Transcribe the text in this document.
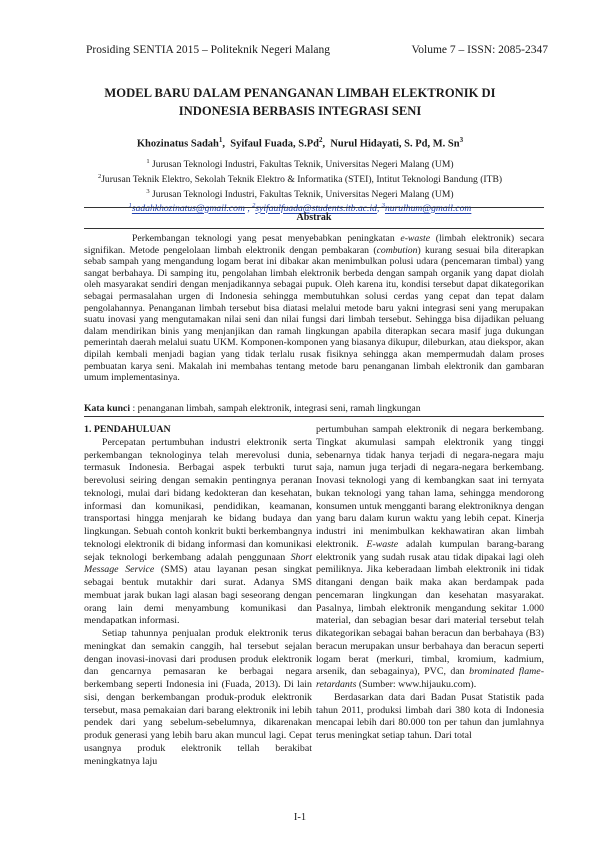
Prosiding SENTIA 2015 – Politeknik Negeri Malang	Volume 7 – ISSN: 2085-2347
MODEL BARU DALAM PENANGANAN LIMBAH ELEKTRONIK DI
INDONESIA BERBASIS INTEGRASI SENI
Khozinatus Sadah$^1$,  Syifaul Fuada, S.Pd$^2$,  Nurul Hidayati, S. Pd, M. Sn$^3$
$^1$ Jurusan Teknologi Industri, Fakultas Teknik, Universitas Negeri Malang (UM)
$^2$Jurusan Teknik Elektro, Sekolah Teknik Elektro & Informatika (STEI), Intitut Teknologi Bandung (ITB)
$^3$ Jurusan Teknologi Industri, Fakultas Teknik, Universitas Negeri Malang (UM)
$^1$sadahkhozinatus@gmail.com , $^2$syifaulfuada@students.itb.ac.id, $^3$nurulhum@gmail.com
Abstrak
Perkembangan teknologi yang pesat menyebabkan peningkatan e-waste (limbah elektronik) secara signifikan. Metode pengelolaan limbah elektronik dengan pembakaran (combution) kurang sesuai bila diterapkan sebab sampah yang mengandung logam berat ini dibakar akan menimbulkan polusi udara (pencemaran timbal) yang sangat berbahaya. Di samping itu, pengolahan limbah elektronik berbeda dengan sampah organik yang dapat diolah oleh masyarakat sendiri dengan menjadikannya sebagai pupuk. Oleh karena itu, kondisi tersebut dapat dikategorikan sebagai permasalahan urgen di Indonesia sehingga membutuhkan solusi cerdas yang cepat dan tepat dalam pengolahannya. Penanganan limbah tersebut bisa diatasi melalui metode baru yakni integrasi seni yang merupakan suatu inovasi yang mengutamakan nilai seni dan nilai fungsi dari limbah tersebut. Sehingga bisa dijadikan peluang dalam mendirikan binis yang menjanjikan dan ramah lingkungan apabila diterapkan secara masif juga dukungan pemerintah daerah melalui suatu UKM. Komponen-komponen yang biasanya dikupur, dileburkan, atau diekspor, akan dipilah kembali menjadi bagian yang tidak terlalu rusak fisiknya sehingga akan mempermudah dalam proses pembuatan karya seni. Makalah ini membahas tentang metode baru penanganan limbah elektronik dan gambaran umum implementasinya.
Kata kunci : penanganan limbah, sampah elektronik, integrasi seni, ramah lingkungan

1. PENDAHULUAN

Percepatan pertumbuhan industri elektronik serta perkembangan teknologinya telah merevolusi dunia, termasuk Indonesia. Berbagai aspek terbukti turut berevolusi seiring dengan semakin pentingnya peranan teknologi, mulai dari bidang kedokteran dan kesehatan, informasi dan komunikasi, pendidikan, keamanan, transportasi hingga menjarah ke bidang budaya dan lingkungan. Sebuah contoh konkrit bukti berkembangnya teknologi elektronik di bidang informasi dan komunikasi sejak teknologi berkembang adalah penggunaan Short Message Service (SMS) atau layanan pesan singkat sebagai bentuk mutakhir dari surat. Adanya SMS membuat jarak bukan lagi alasan bagi seseorang dengan orang lain demi menyambung komunikasi dan mendapatkan informasi.

Setiap tahunnya penjualan produk elektronik terus meningkat dan semakin canggih, hal tersebut sejalan dengan inovasi-inovasi dari produsen produk elektronik dan gencarnya pemasaran ke berbagai negara berkembang seperti Indonesia ini (Fuada, 2013). Di lain sisi, dengan berkembangan produk-produk elektronik tersebut, masa pemakaian dari barang elektronik ini lebih pendek dari yang sebelum-sebelumnya, dikarenakan produk generasi yang lebih baru akan muncul lagi. Cepat usangnya produk elektronik tellah berakibat meningkatnya laju

pertumbuhan sampah elektronik di negara berkembang. Tingkat akumulasi sampah elektronik yang tinggi sebenarnya tidak hanya terjadi di negara-negara maju saja, namun juga terjadi di negara-negara berkembang. Inovasi teknologi yang di kembangkan saat ini ternyata bukan teknologi yang tahan lama, sehingga mendorong konsumen untuk mengganti barang elektroniknya dengan yang baru dalam kurun waktu yang lebih cepat. Kinerja industri ini menimbulkan kekhawatiran akan limbah elektronik. E-waste adalah kumpulan barang-barang elektronik yang sudah rusak atau tidak dipakai lagi oleh pemiliknya. Jika keberadaan limbah elektronik ini tidak ditangani dengan baik maka akan berdampak pada pencemaran lingkungan dan kesehatan masyarakat. Pasalnya, limbah elektronik mengandung sekitar 1.000 material, dan sebagian besar dari material tersebut telah dikategorikan sebagai bahan beracun dan berbahaya (B3) beracun merupakan unsur berbahaya dan beracun seperti logam berat (merkuri, timbal, kromium, kadmium, arsenik, dan sebagainya), PVC, dan brominated flame-retardants (Sumber: www.hijauku.com).

Berdasarkan data dari Badan Pusat Statistik pada tahun 2011, produksi limbah dari 380 kota di Indonesia mencapai lebih dari 80.000 ton per tahun dan jumlahnya terus meningkat setiap tahun. Dari total

I-1
